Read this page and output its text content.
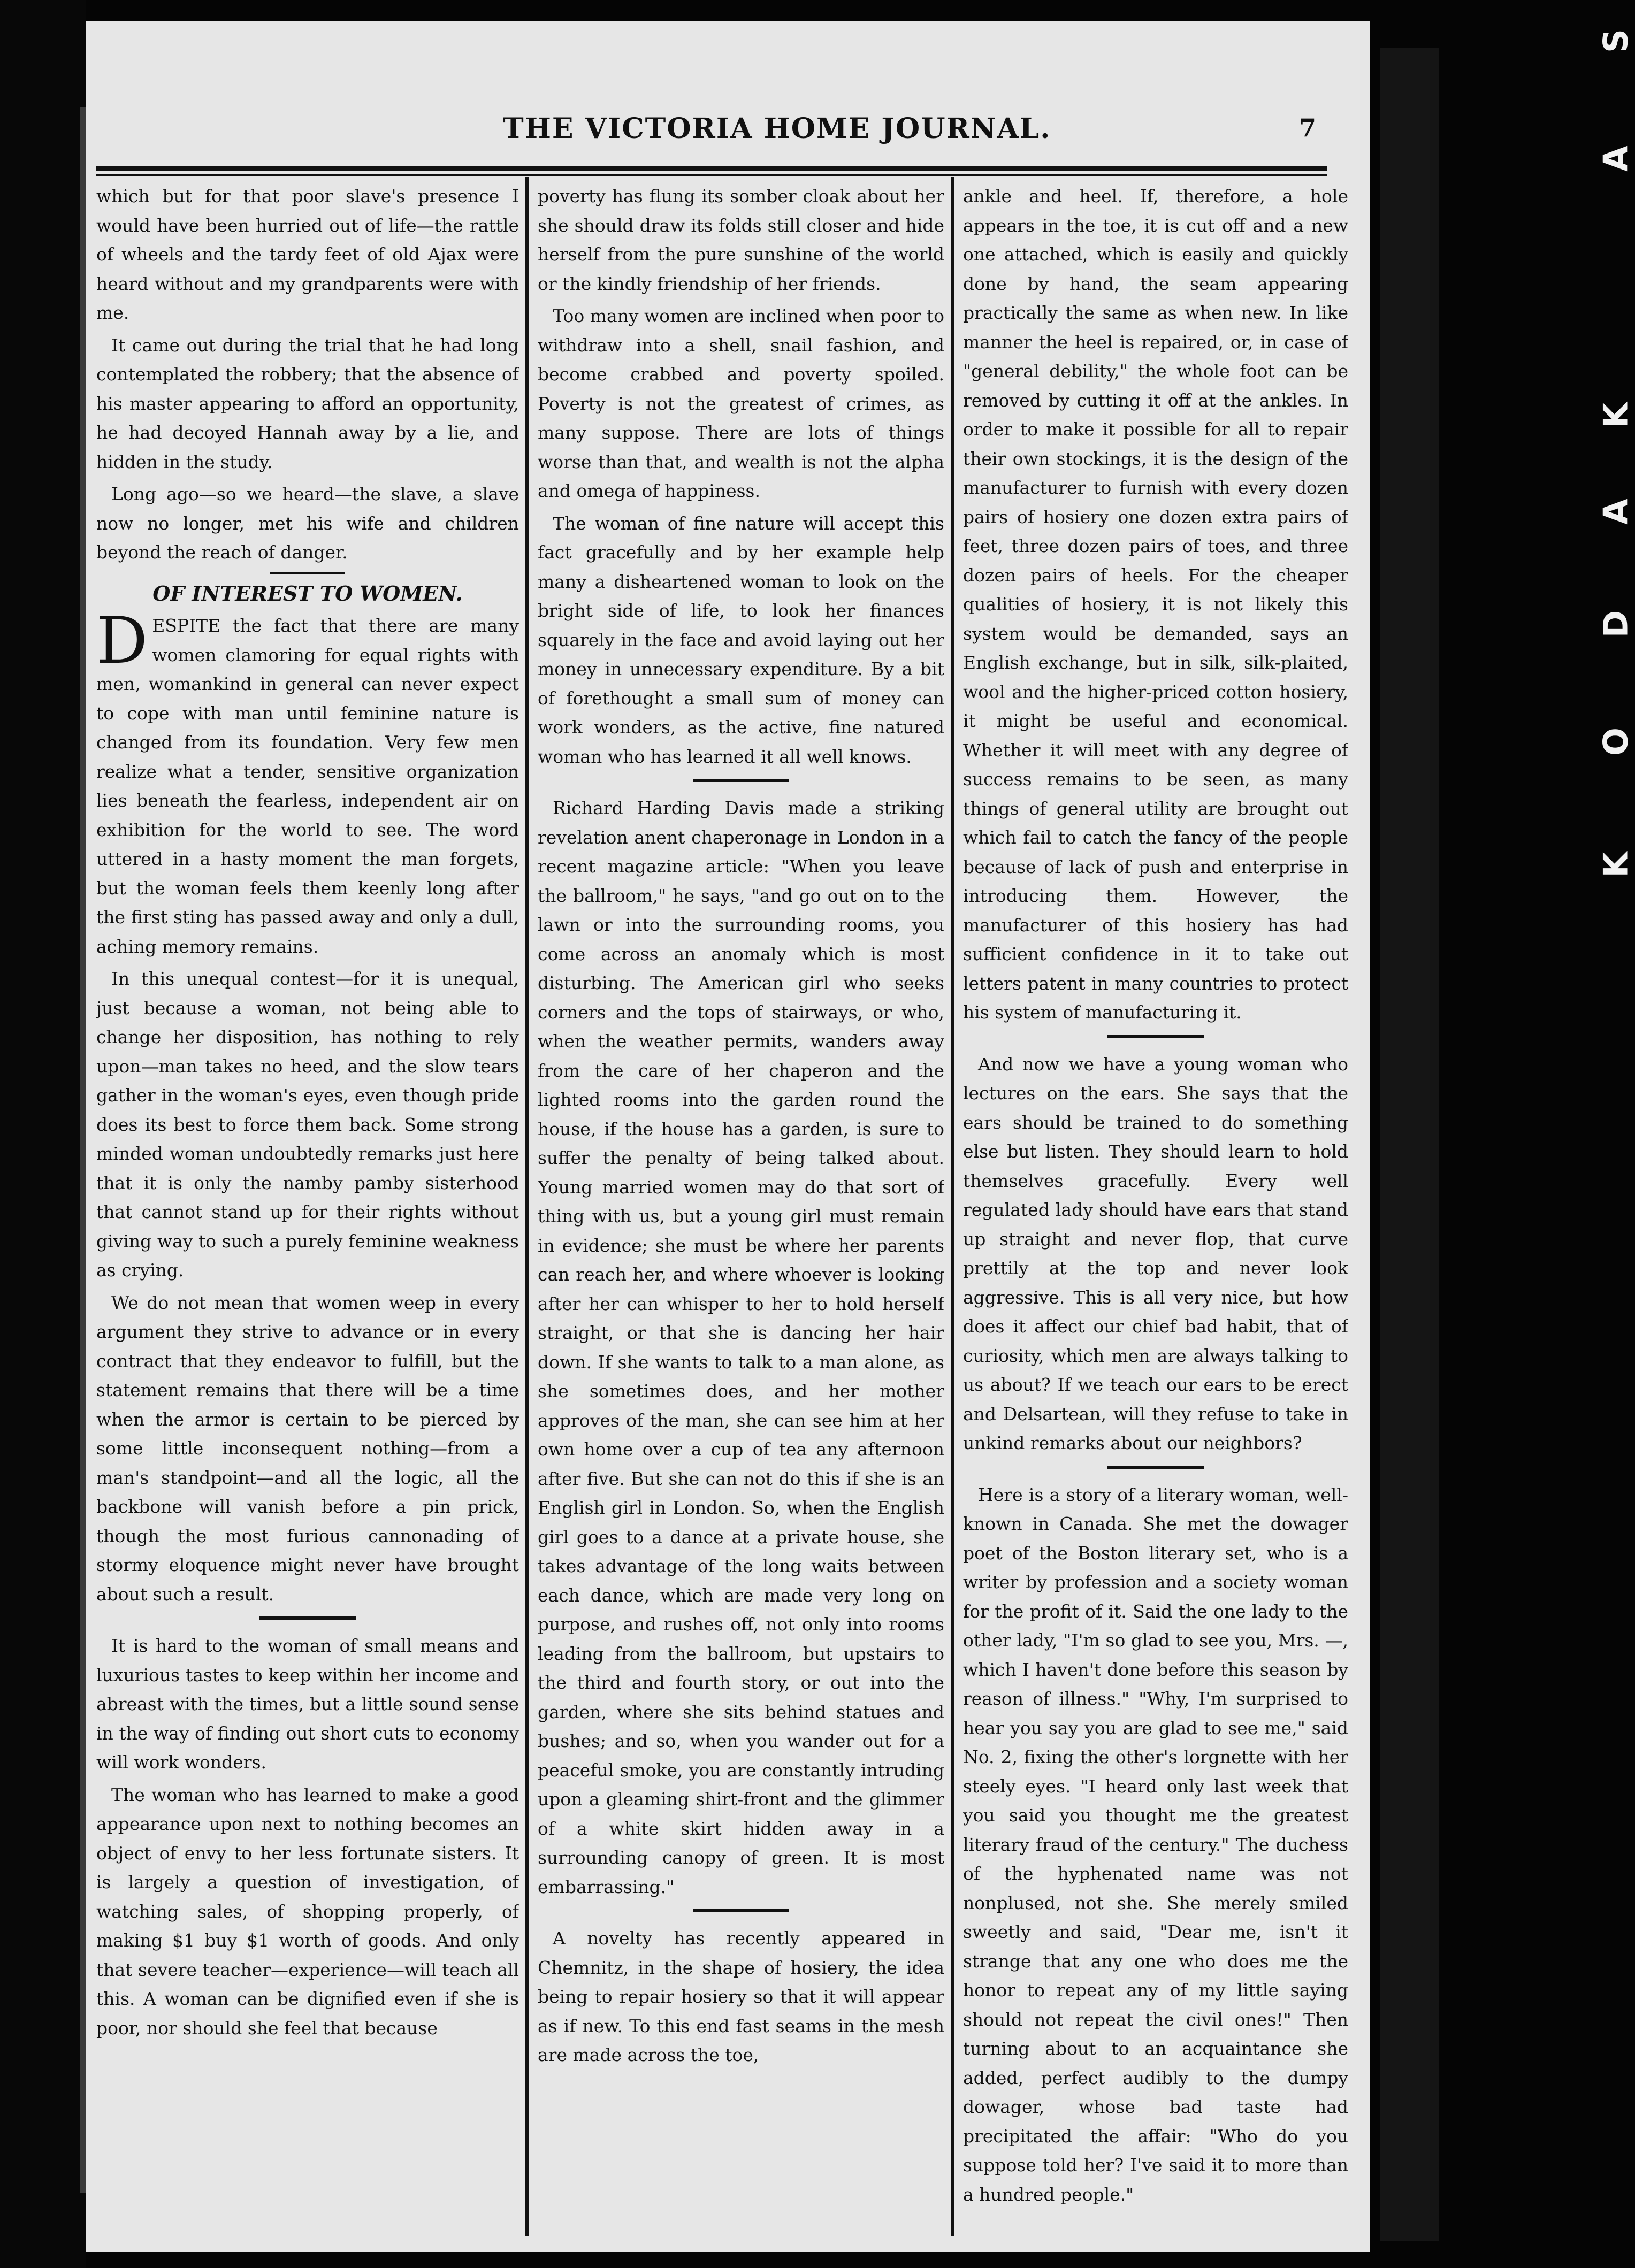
THE VICTORIA HOME JOURNAL.	7

which but for that poor slave's presence I would have been hurried out of life—the rattle of wheels and the tardy feet of old Ajax were heard without and my grandparents were with me.

It came out during the trial that he had long contemplated the robbery; that the absence of his master appearing to afford an opportunity, he had decoyed Hannah away by a lie, and hidden in the study.

Long ago—so we heard—the slave, a slave now no longer, met his wife and children beyond the reach of danger.

OF INTEREST TO WOMEN.

DESPITE the fact that there are many women clamoring for equal rights with men, womankind in general can never expect to cope with man until feminine nature is changed from its foundation. Very few men realize what a tender, sensitive organization lies beneath the fearless, independent air on exhibition for the world to see. The word uttered in a hasty moment the man forgets, but the woman feels them keenly long after the first sting has passed away and only a dull, aching memory remains.

In this unequal contest—for it is unequal, just because a woman, not being able to change her disposition, has nothing to rely upon—man takes no heed, and the slow tears gather in the woman's eyes, even though pride does its best to force them back. Some strong minded woman undoubtedly remarks just here that it is only the namby pamby sisterhood that cannot stand up for their rights without giving way to such a purely feminine weakness as crying.

We do not mean that women weep in every argument they strive to advance or in every contract that they endeavor to fulfill, but the statement remains that there will be a time when the armor is certain to be pierced by some little inconsequent nothing—from a man's standpoint—and all the logic, all the backbone will vanish before a pin prick, though the most furious cannonading of stormy eloquence might never have brought about such a result.

It is hard to the woman of small means and luxurious tastes to keep within her income and abreast with the times, but a little sound sense in the way of finding out short cuts to economy will work wonders.

The woman who has learned to make a good appearance upon next to nothing becomes an object of envy to her less fortunate sisters. It is largely a question of investigation, of watching sales, of shopping properly, of making $1 buy $1 worth of goods. And only that severe teacher—experience—will teach all this. A woman can be dignified even if she is poor, nor should she feel that because

poverty has flung its somber cloak about her she should draw its folds still closer and hide herself from the pure sunshine of the world or the kindly friendship of her friends.

Too many women are inclined when poor to withdraw into a shell, snail fashion, and become crabbed and poverty spoiled. Poverty is not the greatest of crimes, as many suppose. There are lots of things worse than that, and wealth is not the alpha and omega of happiness.

The woman of fine nature will accept this fact gracefully and by her example help many a disheartened woman to look on the bright side of life, to look her finances squarely in the face and avoid laying out her money in unnecessary expenditure. By a bit of forethought a small sum of money can work wonders, as the active, fine natured woman who has learned it all well knows.

Richard Harding Davis made a striking revelation anent chaperonage in London in a recent magazine article: "When you leave the ballroom," he says, "and go out on to the lawn or into the surrounding rooms, you come across an anomaly which is most disturbing. The American girl who seeks corners and the tops of stairways, or who, when the weather permits, wanders away from the care of her chaperon and the lighted rooms into the garden round the house, if the house has a garden, is sure to suffer the penalty of being talked about. Young married women may do that sort of thing with us, but a young girl must remain in evidence; she must be where her parents can reach her, and where whoever is looking after her can whisper to her to hold herself straight, or that she is dancing her hair down. If she wants to talk to a man alone, as she sometimes does, and her mother approves of the man, she can see him at her own home over a cup of tea any afternoon after five. But she can not do this if she is an English girl in London. So, when the English girl goes to a dance at a private house, she takes advantage of the long waits between each dance, which are made very long on purpose, and rushes off, not only into rooms leading from the ballroom, but upstairs to the third and fourth story, or out into the garden, where she sits behind statues and bushes; and so, when you wander out for a peaceful smoke, you are constantly intruding upon a gleaming shirt-front and the glimmer of a white skirt hidden away in a surrounding canopy of green. It is most embarrassing."

A novelty has recently appeared in Chemnitz, in the shape of hosiery, the idea being to repair hosiery so that it will appear as if new. To this end fast seams in the mesh are made across the toe,

ankle and heel. If, therefore, a hole appears in the toe, it is cut off and a new one attached, which is easily and quickly done by hand, the seam appearing practically the same as when new. In like manner the heel is repaired, or, in case of "general debility," the whole foot can be removed by cutting it off at the ankles. In order to make it possible for all to repair their own stockings, it is the design of the manufacturer to furnish with every dozen pairs of hosiery one dozen extra pairs of feet, three dozen pairs of toes, and three dozen pairs of heels. For the cheaper qualities of hosiery, it is not likely this system would be demanded, says an English exchange, but in silk, silk-plaited, wool and the higher-priced cotton hosiery, it might be useful and economical. Whether it will meet with any degree of success remains to be seen, as many things of general utility are brought out which fail to catch the fancy of the people because of lack of push and enterprise in introducing them. However, the manufacturer of this hosiery has had sufficient confidence in it to take out letters patent in many countries to protect his system of manufacturing it.

And now we have a young woman who lectures on the ears. She says that the ears should be trained to do something else but listen. They should learn to hold themselves gracefully. Every well regulated lady should have ears that stand up straight and never flop, that curve prettily at the top and never look aggressive. This is all very nice, but how does it affect our chief bad habit, that of curiosity, which men are always talking to us about? If we teach our ears to be erect and Delsartean, will they refuse to take in unkind remarks about our neighbors?

Here is a story of a literary woman, well-known in Canada. She met the dowager poet of the Boston literary set, who is a writer by profession and a society woman for the profit of it. Said the one lady to the other lady, "I'm so glad to see you, Mrs. —, which I haven't done before this season by reason of illness." "Why, I'm surprised to hear you say you are glad to see me," said No. 2, fixing the other's lorgnette with her steely eyes. "I heard only last week that you said you thought me the greatest literary fraud of the century." The duchess of the hyphenated name was not nonplused, not she. She merely smiled sweetly and said, "Dear me, isn't it strange that any one who does me the honor to repeat any of my little saying should not repeat the civil ones!" Then turning about to an acquaintance she added, perfect audibly to the dumpy dowager, whose bad taste had precipitated the affair: "Who do you suppose told her? I've said it to more than a hundred people."

S
A
K
A
D
O
K
